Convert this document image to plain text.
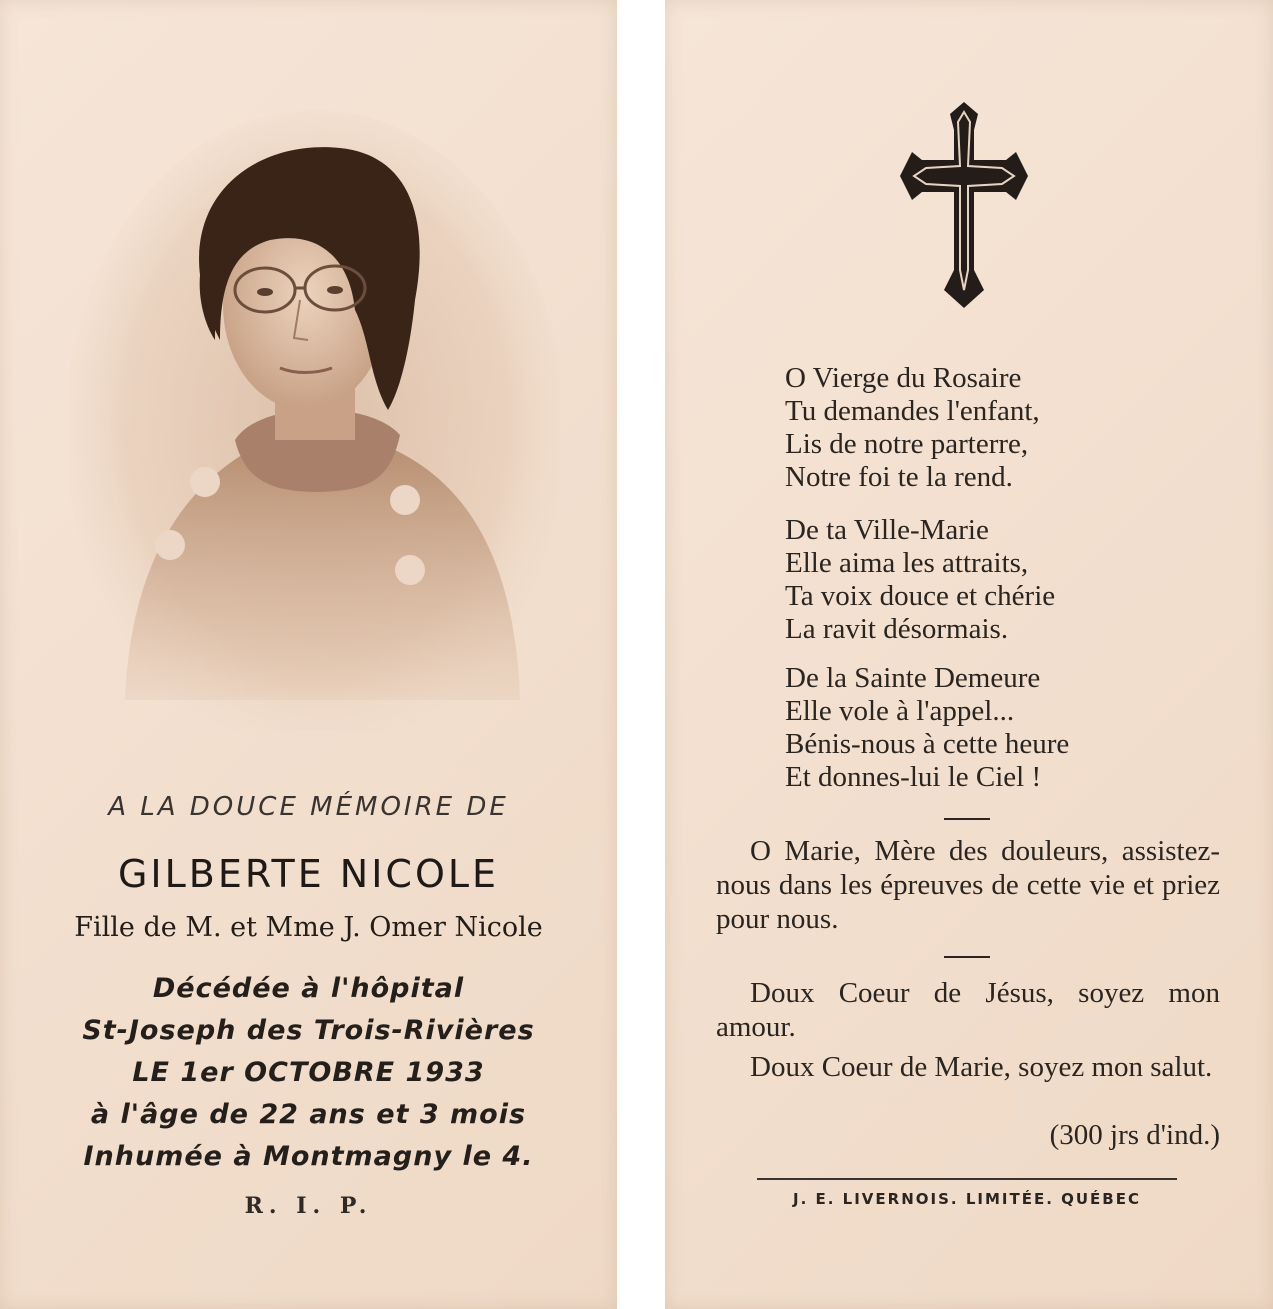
A LA DOUCE MÉMOIRE DE
GILBERTE NICOLE
Fille de M. et Mme J. Omer Nicole
Décédée à l'hôpital
St-Joseph des Trois-Rivières
LE 1er OCTOBRE 1933
à l'âge de 22 ans et 3 mois
Inhumée à Montmagny le 4.
R. I. P.
O Vierge du Rosaire
Tu demandes l'enfant,
Lis de notre parterre,
Notre foi te la rend.
De ta Ville-Marie
Elle aima les attraits,
Ta voix douce et chérie
La ravit désormais.
De la Sainte Demeure
Elle vole à l'appel...
Bénis-nous à cette heure
Et donnes-lui le Ciel !
O Marie, Mère des douleurs, assistez-nous dans les épreuves de cette vie et priez pour nous.
Doux Coeur de Jésus, soyez mon amour.
Doux Coeur de Marie, soyez mon salut.
(300 jrs d'ind.)
J. E. LIVERNOIS. LIMITÉE. QUÉBEC
